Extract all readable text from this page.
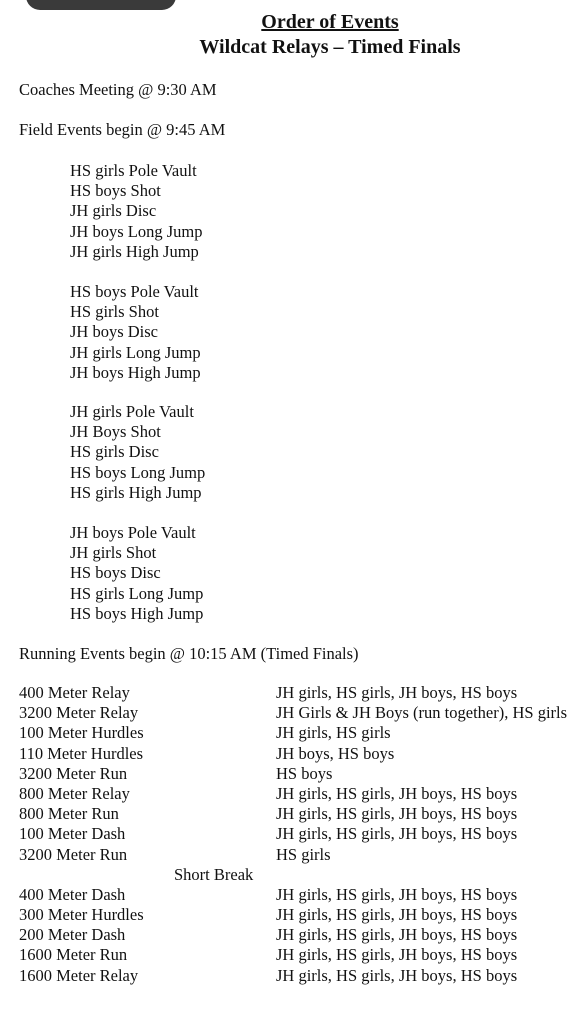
Order of Events
Wildcat Relays – Timed Finals
Coaches Meeting @ 9:30 AM
Field Events begin @ 9:45 AM
HS girls Pole Vault
HS boys Shot
JH girls Disc
JH boys Long Jump
JH girls High Jump
HS boys Pole Vault
HS girls Shot
JH boys Disc
JH girls Long Jump
JH boys High Jump
JH girls Pole Vault
JH Boys Shot
HS girls Disc
HS boys Long Jump
HS girls High Jump
JH boys Pole Vault
JH girls Shot
HS boys Disc
HS girls Long Jump
HS boys High Jump
Running Events begin @ 10:15 AM (Timed Finals)
400 Meter Relay	JH girls, HS girls, JH boys, HS boys
3200 Meter Relay	JH Girls & JH Boys (run together), HS girls
100 Meter Hurdles	JH girls, HS girls
110 Meter Hurdles	JH boys, HS boys
3200 Meter Run	HS boys
800 Meter Relay	JH girls, HS girls, JH boys, HS boys
800 Meter Run	JH girls, HS girls, JH boys, HS boys
100 Meter Dash	JH girls, HS girls, JH boys, HS boys
3200 Meter Run	HS girls
Short Break
400 Meter Dash	JH girls, HS girls, JH boys, HS boys
300 Meter Hurdles	JH girls, HS girls, JH boys, HS boys
200 Meter Dash	JH girls, HS girls, JH boys, HS boys
1600 Meter Run	JH girls, HS girls, JH boys, HS boys
1600 Meter Relay	JH girls, HS girls, JH boys, HS boys
